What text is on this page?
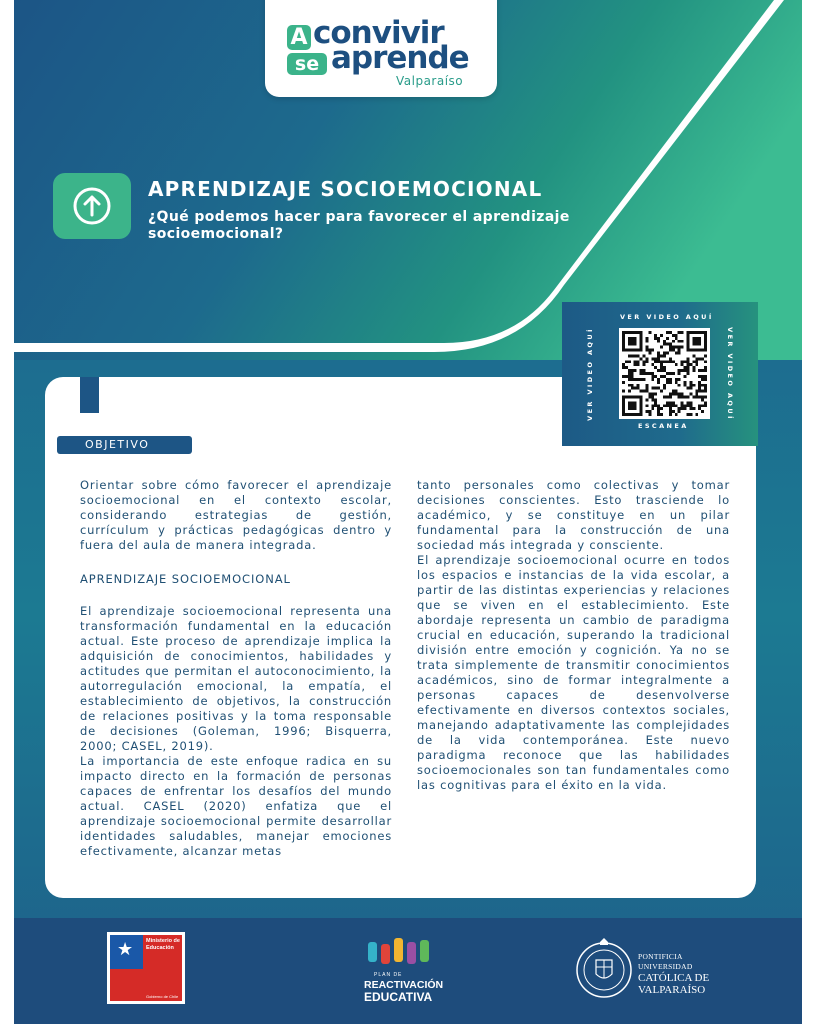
A convivir
se aprende
Valparaíso
APRENDIZAJE SOCIOEMOCIONAL
¿Qué podemos hacer para favorecer el aprendizaje socioemocional?
VER VIDEO AQUÍ
VER VIDEO AQUÍ	VER VIDEO AQUÍ
ESCANEA
OBJETIVO

Orientar sobre cómo favorecer el aprendizaje socioemocional en el contexto escolar, considerando estrategias de gestión, currículum y prácticas pedagógicas dentro y fuera del aula de manera integrada.

APRENDIZAJE SOCIOEMOCIONAL

El aprendizaje socioemocional representa una transformación fundamental en la educación actual. Este proceso de aprendizaje implica la adquisición de conocimientos, habilidades y actitudes que permitan el autoconocimiento, la autorregulación emocional, la empatía, el establecimiento de objetivos, la construcción de relaciones positivas y la toma responsable de decisiones (Goleman, 1996; Bisquerra, 2000; CASEL, 2019).

La importancia de este enfoque radica en su impacto directo en la formación de personas capaces de enfrentar los desafíos del mundo actual. CASEL (2020) enfatiza que el aprendizaje socioemocional permite desarrollar identidades saludables, manejar emociones efectivamente, alcanzar metas

tanto personales como colectivas y tomar decisiones conscientes. Esto trasciende lo académico, y se constituye en un pilar fundamental para la construcción de una sociedad más integrada y consciente.

El aprendizaje socioemocional ocurre en todos los espacios e instancias de la vida escolar, a partir de las distintas experiencias y relaciones que se viven en el establecimiento. Este abordaje representa un cambio de paradigma crucial en educación, superando la tradicional división entre emoción y cognición. Ya no se trata simplemente de transmitir conocimientos académicos, sino de formar integralmente a personas capaces de desenvolverse efectivamente en diversos contextos sociales, manejando adaptativamente las complejidades de la vida contemporánea. Este nuevo paradigma reconoce que las habilidades socioemocionales son tan fundamentales como las cognitivas para el éxito en la vida.

★ Ministerio de
Educación
Gobierno de Chile
PLAN DE
REACTIVACIÓN
EDUCATIVA
PONTIFICIA
UNIVERSIDAD
CATÓLICA DE
VALPARAÍSO
